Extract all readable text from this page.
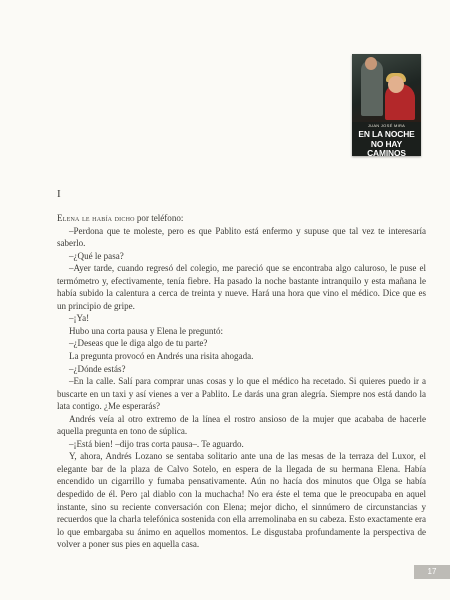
JUAN JOSÉ MIRA
EN LA NOCHE
NO HAY CAMINOS
I

Elena le había dicho por teléfono:

–Perdona que te moleste, pero es que Pablito está enfermo y supuse que tal vez te interesaría saberlo.

–¿Qué le pasa?

–Ayer tarde, cuando regresó del colegio, me pareció que se encontraba algo caluroso, le puse el termómetro y, efectivamente, tenía fiebre. Ha pasado la noche bastante intranquilo y esta mañana le había subido la calentura a cerca de treinta y nueve. Hará una hora que vino el médico. Dice que es un principio de gripe.

–¡Ya!

Hubo una corta pausa y Elena le preguntó:

–¿Deseas que le diga algo de tu parte?

La pregunta provocó en Andrés una risita ahogada.

–¿Dónde estás?

–En la calle. Salí para comprar unas cosas y lo que el médico ha recetado. Si quieres puedo ir a buscarte en un taxi y así vienes a ver a Pablito. Le darás una gran alegría. Siempre nos está dando la lata contigo. ¿Me esperarás?

Andrés veía al otro extremo de la línea el rostro ansioso de la mujer que acababa de hacerle aquella pregunta en tono de súplica.

–¡Está bien! –dijo tras corta pausa–. Te aguardo.

Y, ahora, Andrés Lozano se sentaba solitario ante una de las mesas de la terraza del Luxor, el elegante bar de la plaza de Calvo Sotelo, en espera de la llegada de su hermana Elena. Había encendido un cigarrillo y fumaba pensativamente. Aún no hacía dos minutos que Olga se había despedido de él. Pero ¡al diablo con la muchacha! No era éste el tema que le preocupaba en aquel instante, sino su reciente conversación con Elena; mejor dicho, el sinnúmero de circunstancias y recuerdos que la charla telefónica sostenida con ella arremolinaba en su cabeza. Esto exactamente era lo que embargaba su ánimo en aquellos momentos. Le disgustaba profundamente la perspectiva de volver a poner sus pies en aquella casa.

17
